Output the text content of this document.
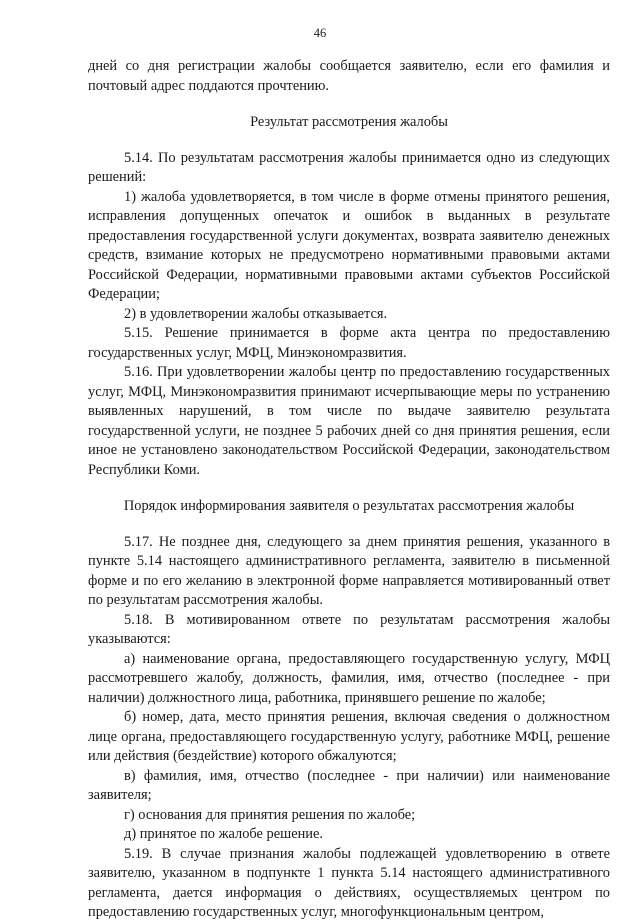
46

дней со дня регистрации жалобы сообщается заявителю, если его фамилия и почтовый адрес поддаются прочтению.

Результат рассмотрения жалобы

5.14. По результатам рассмотрения жалобы принимается одно из следующих решений:

1) жалоба удовлетворяется, в том числе в форме отмены принятого решения, исправления допущенных опечаток и ошибок в выданных в результате предоставления государственной услуги документах, возврата заявителю денежных средств, взимание которых не предусмотрено нормативными правовыми актами Российской Федерации, нормативными правовыми актами субъектов Российской Федерации;

2) в удовлетворении жалобы отказывается.

5.15. Решение принимается в форме акта центра по предоставлению государственных услуг, МФЦ, Минэкономразвития.

5.16. При удовлетворении жалобы центр по предоставлению государственных услуг, МФЦ, Минэкономразвития принимают исчерпывающие меры по устранению выявленных нарушений, в том числе по выдаче заявителю результата государственной услуги, не позднее 5 рабочих дней со дня принятия решения, если иное не установлено законодательством Российской Федерации, законодательством Республики Коми.

Порядок информирования заявителя о результатах рассмотрения жалобы

5.17. Не позднее дня, следующего за днем принятия решения, указанного в пункте 5.14 настоящего административного регламента, заявителю в письменной форме и по его желанию в электронной форме направляется мотивированный ответ по результатам рассмотрения жалобы.

5.18. В мотивированном ответе по результатам рассмотрения жалобы указываются:

а) наименование органа, предоставляющего государственную услугу, МФЦ рассмотревшего жалобу, должность, фамилия, имя, отчество (последнее - при наличии) должностного лица, работника, принявшего решение по жалобе;

б) номер, дата, место принятия решения, включая сведения о должностном лице органа, предоставляющего государственную услугу, работнике МФЦ, решение или действия (бездействие) которого обжалуются;

в) фамилия, имя, отчество (последнее - при наличии) или наименование заявителя;

г) основания для принятия решения по жалобе;

д) принятое по жалобе решение.

5.19. В случае признания жалобы подлежащей удовлетворению в ответе заявителю, указанном в подпункте 1 пункта 5.14 настоящего административного регламента, дается информация о действиях, осуществляемых центром по предоставлению государственных услуг, многофункциональным центром,
